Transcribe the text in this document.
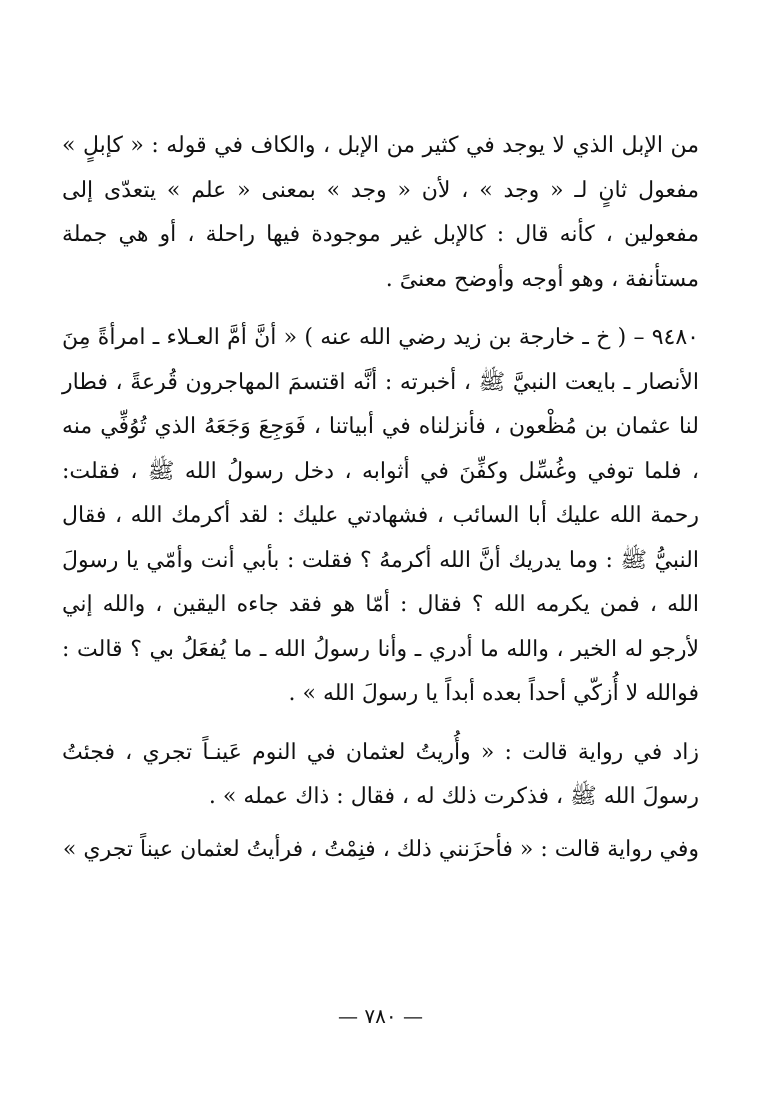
من الإبل الذي لا يوجد في كثير من الإبل ، والكاف في قوله : « كإبلٍ » مفعول ثانٍ لـ « وجد » ، لأن « وجد » بمعنى « علم » يتعدّى إلى مفعولين ، كأنه قال : كالإبل غير موجودة فيها راحلة ، أو هي جملة مستأنفة ، وهو أوجه وأوضح معنىً .

٩٤٨٠ – ( خ ـ خارجة بن زيد رضي الله عنه ) « أنَّ أمَّ العـلاء ـ امرأةً مِنَ الأنصار ـ بايعت النبيَّ ﷺ ، أخبرته : أنَّه اقتسمَ المهاجرون قُرعةً ، فطار لنا عثمان بن مُظْعون ، فأنزلناه في أبياتنا ، فَوَجِعَ وَجَعَهُ الذي تُوُفِّي منه ، فلما توفي وغُسِّل وكفِّنَ في أثوابه ، دخل رسولُ الله ﷺ ، فقلت: رحمة الله عليك أبا السائب ، فشهادتي عليك : لقد أكرمك الله ، فقال النبيُّ ﷺ : وما يدريك أنَّ الله أكرمهُ ؟ فقلت : بأبي أنت وأمّي يا رسولَ الله ، فمن يكرمه الله ؟ فقال : أمّا هو فقد جاءه اليقين ، والله إني لأرجو له الخير ، والله ما أدري ـ وأنا رسولُ الله ـ ما يُفعَلُ بي ؟ قالت : فوالله لا أُزكّي أحداً بعده أبداً يا رسولَ الله » .

زاد في رواية قالت : « وأُريتُ لعثمان في النوم عَينـاً تجري ، فجئتُ رسولَ الله ﷺ ، فذكرت ذلك له ، فقال : ذاك عمله » .

وفي رواية قالت : « فأحزَنني ذلك ، فنِمْتُ ، فرأيتُ لعثمان عيناً تجري »

— ٧٨٠ —
